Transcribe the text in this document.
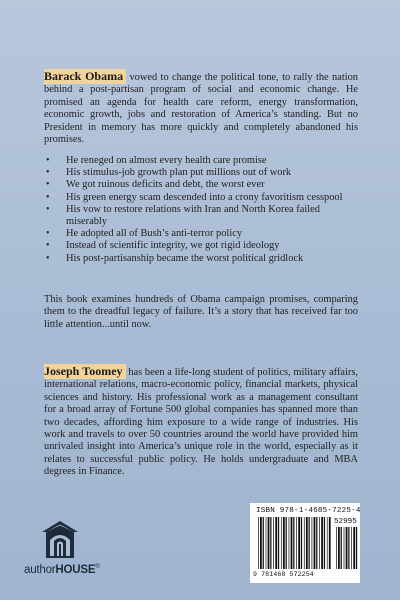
Barack Obama vowed to change the political tone, to rally the nation behind a post-partisan program of social and economic change. He promised an agenda for health care reform, energy transformation, economic growth, jobs and restoration of America’s standing. But no President in memory has more quickly and completely abandoned his promises.

• He reneged on almost every health care promise
• His stimulus-job growth plan put millions out of work
• We got ruinous deficits and debt, the worst ever
• His green energy scam descended into a crony favoritism cesspool
• His vow to restore relations with Iran and North Korea failed miserably
• He adopted all of Bush’s anti-terror policy
• Instead of scientific integrity, we got rigid ideology
• His post-partisanship became the worst political gridlock

This book examines hundreds of Obama campaign promises, comparing them to the dreadful legacy of failure. It’s a story that has received far too little attention...until now.

Joseph Toomey has been a life-long student of politics, military affairs, international relations, macro-economic policy, financial markets, physical sciences and history. His professional work as a management consultant for a broad array of Fortune 500 global companies has spanned more than two decades, affording him exposure to a wide range of industries. His work and travels to over 50 countries around the world have provided him unrivaled insight into America’s unique role in the world, especially as it relates to successful public policy. He holds undergraduate and MBA degrees in Finance.

authorHOUSE®
ISBN 978-1-4685-7225-4
52995
9 781468 572254
